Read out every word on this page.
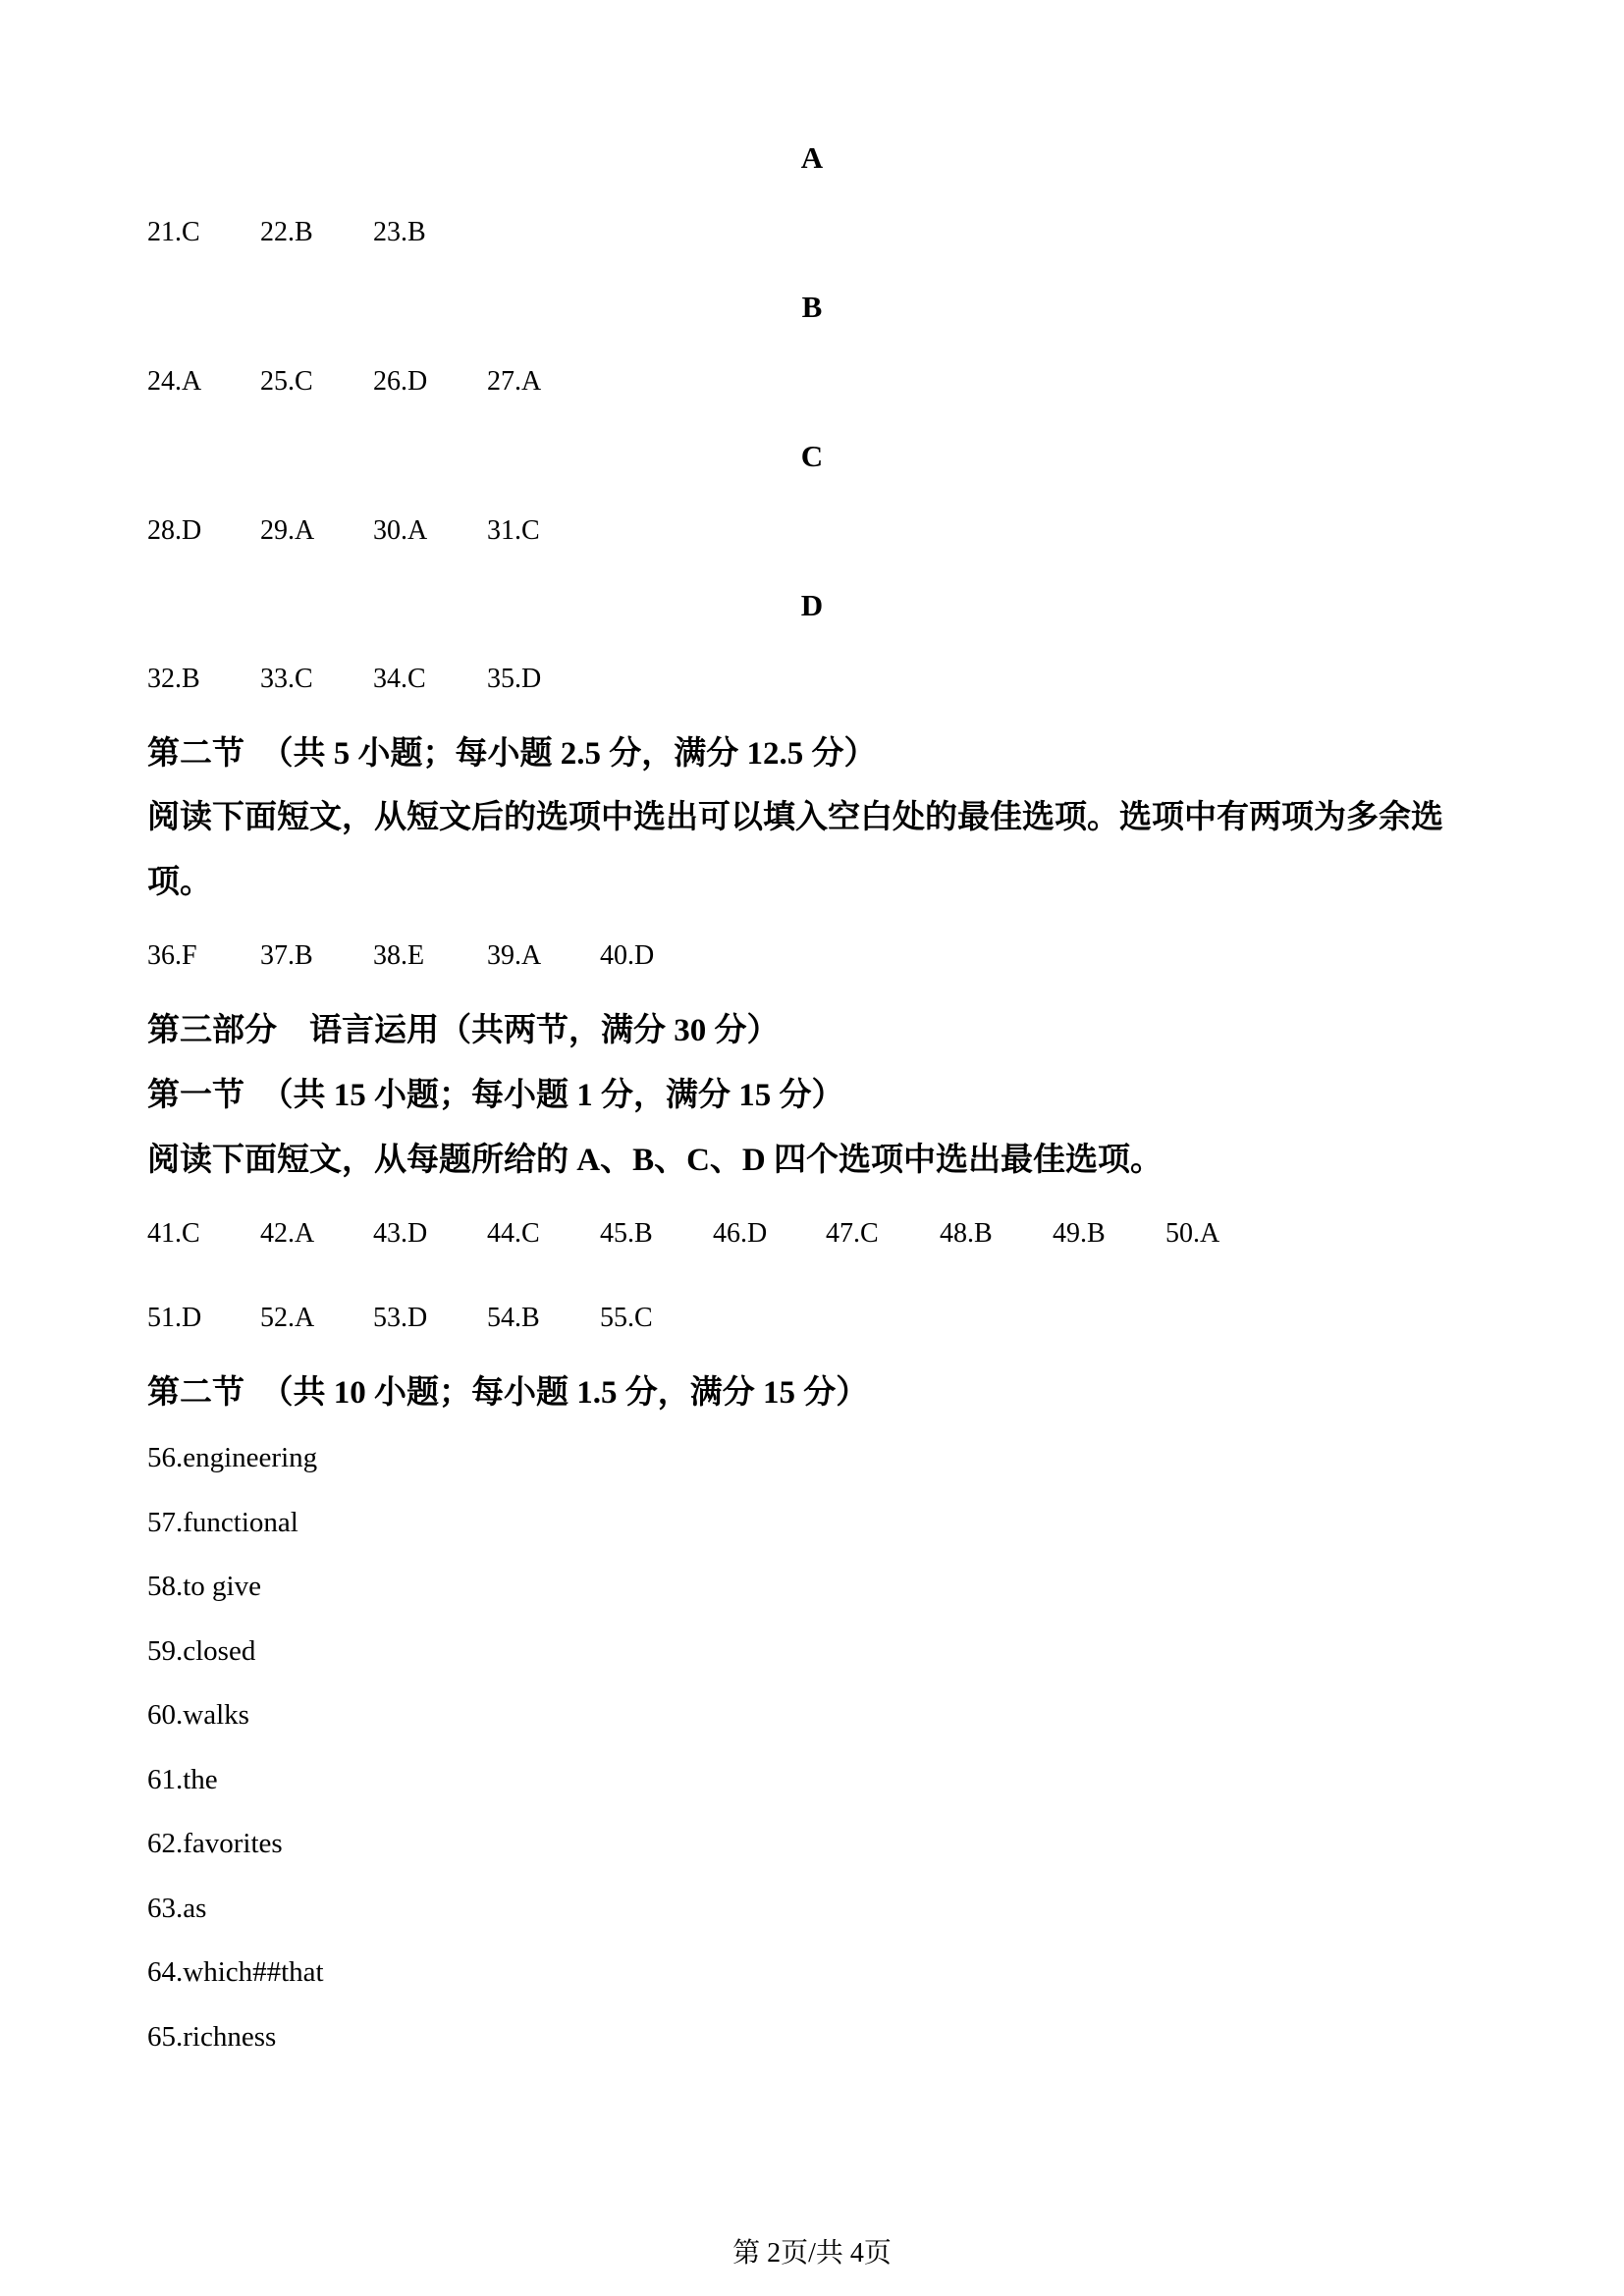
A
21.C 22.B 23.B
B
24.A 25.C 26.D 27.A
C
28.D 29.A 30.A 31.C
D
32.B 33.C 34.C 35.D
第二节　（共 5 小题；每小题 2.5 分，满分 12.5 分）
阅读下面短文，从短文后的选项中选出可以填入空白处的最佳选项。选项中有两项为多余选项。
36.F 37.B 38.E 39.A 40.D
第三部分　语言运用（共两节，满分 30 分）
第一节　（共 15 小题；每小题 1 分，满分 15 分）
阅读下面短文，从每题所给的 A、B、C、D 四个选项中选出最佳选项。
41.C 42.A 43.D 44.C 45.B 46.D 47.C 48.B 49.B 50.A
51.D 52.A 53.D 54.B 55.C
第二节　（共 10 小题；每小题 1.5 分，满分 15 分）
56.engineering
57.functional
58.to give
59.closed
60.walks
61.the
62.favorites
63.as
64.which##that
65.richness
第 2页/共 4页
